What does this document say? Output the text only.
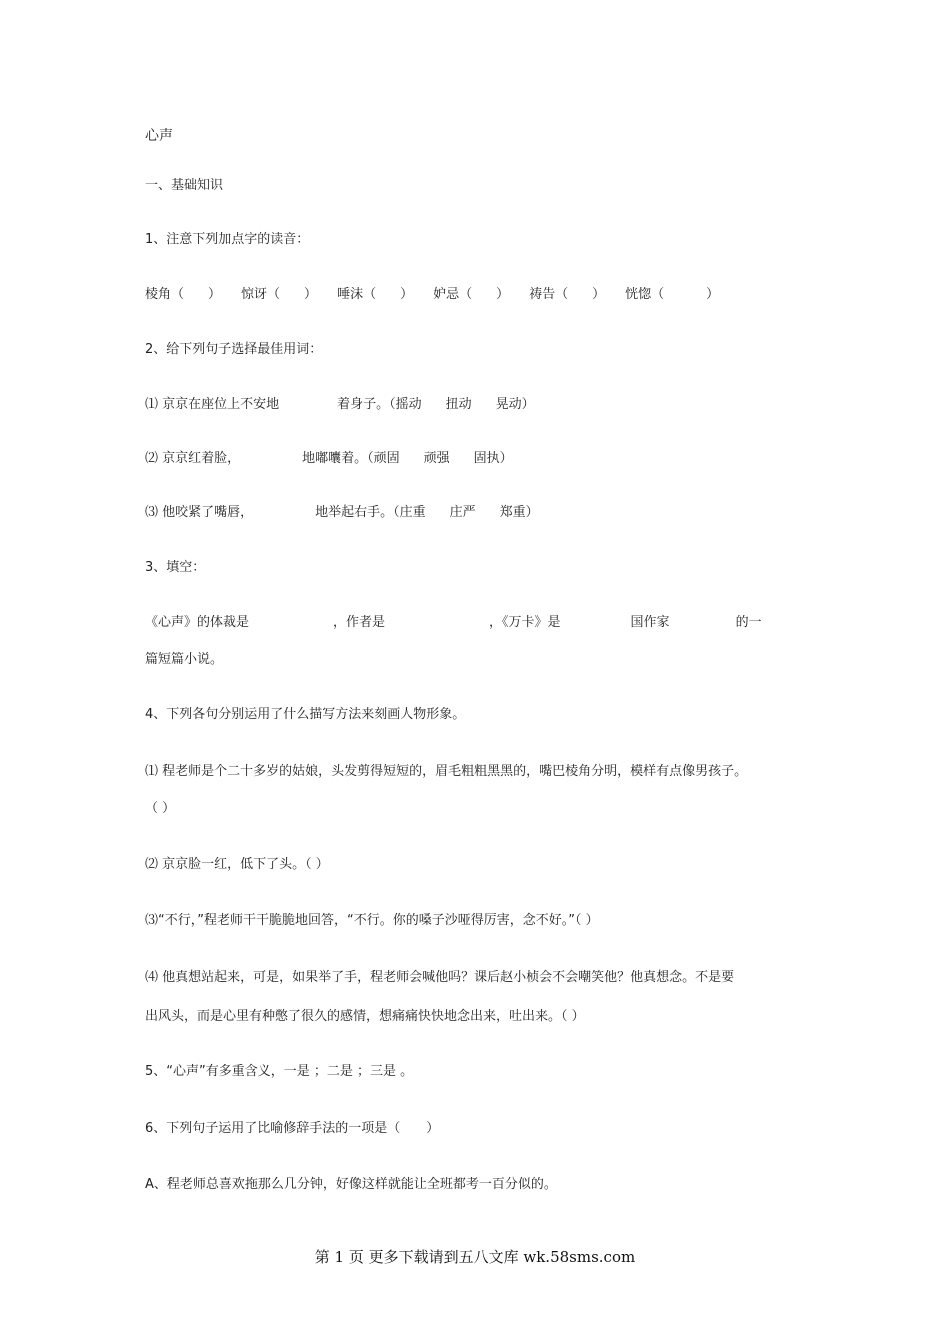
心声
一、基础知识
1、注意下列加点字的读音：
棱角（ ） 惊讶（ ） 唾沫（ ） 妒忌（ ） 祷告（ ） 恍惚（	）
2、给下列句子选择最佳用词：
⑴ 京京在座位上不安地	着身子。（摇动 扭动 晃动）
⑵ 京京红着脸，	地嘟囔着。（顽固 顽强 固执）
⑶ 他咬紧了嘴唇，	地举起右手。（庄重 庄严 郑重）
3、填空：
《心声》的体裁是	，作者是	，《万卡》是	国作家	的一
篇短篇小说。
4、下列各句分别运用了什么描写方法来刻画人物形象。
⑴ 程老师是个二十多岁的姑娘，头发剪得短短的，眉毛粗粗黑黑的，嘴巴棱角分明，模样有点像男孩子。
（ ）
⑵ 京京脸一红，低下了头。（ ）
⑶“不行，”程老师干干脆脆地回答，“不行。你的嗓子沙哑得厉害，念不好。”（ ）
⑷ 他真想站起来，可是，如果举了手，程老师会喊他吗？课后赵小桢会不会嘲笑他？他真想念。不是要
出风头，而是心里有种憋了很久的感情，想痛痛快快地念出来，吐出来。（ ）
5、“心声”有多重含义，一是 ；二是 ；三是 。
6、下列句子运用了比喻修辞手法的一项是（　　）
A、程老师总喜欢拖那么几分钟，好像这样就能让全班都考一百分似的。
第 1 页 更多下载请到五八文库 wk.58sms.com
